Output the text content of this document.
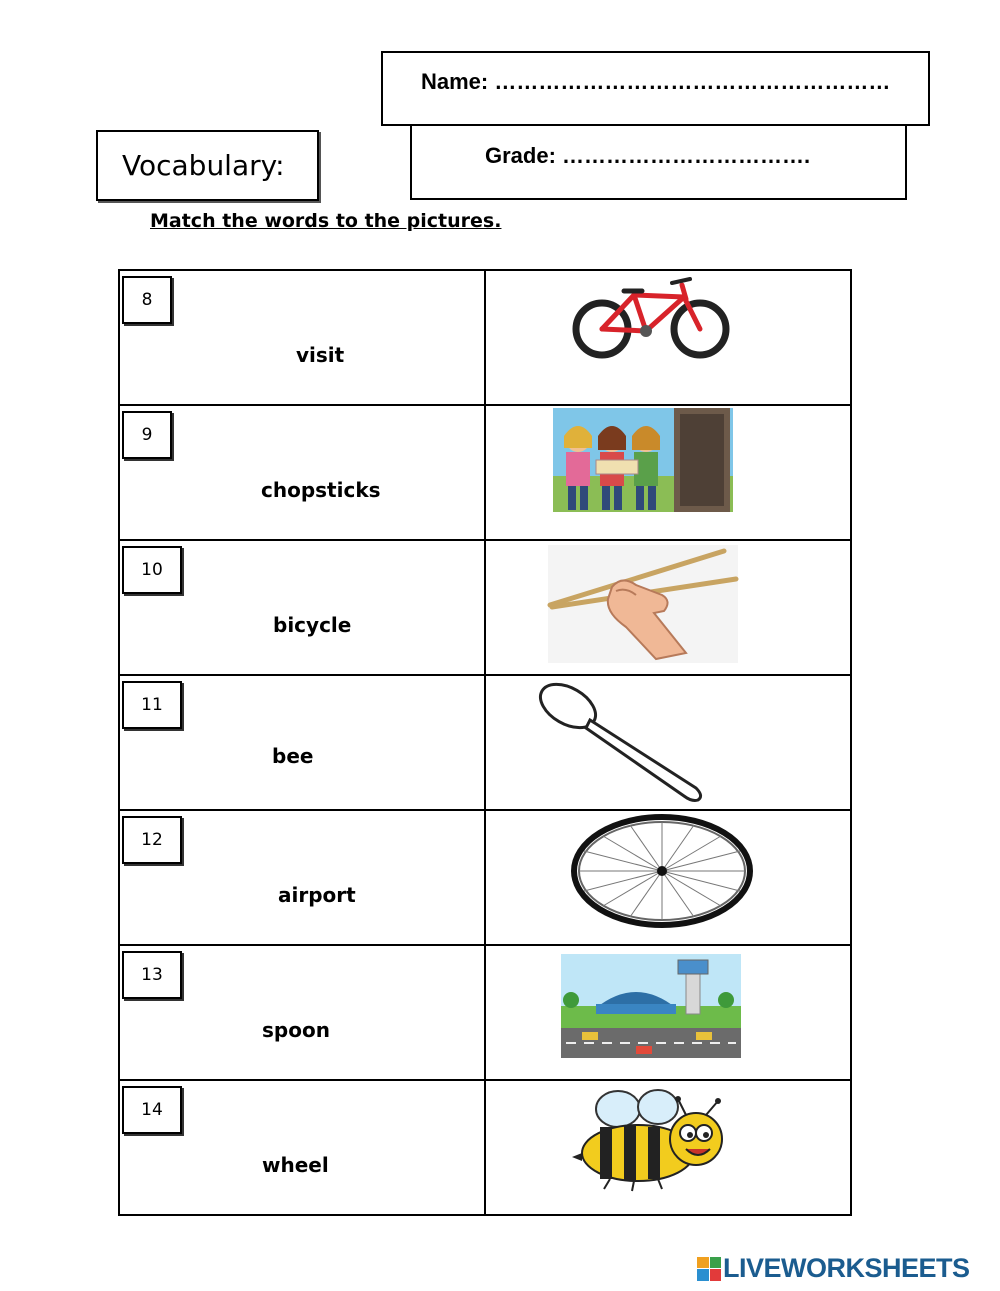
Name: ………………………………………………
Grade: …………………………….
Vocabulary:
Match the words to the pictures.
8
visit

9
chopsticks

10
bicycle

11
bee

12
airport

13
spoon

14
wheel

LIVEWORKSHEETS
